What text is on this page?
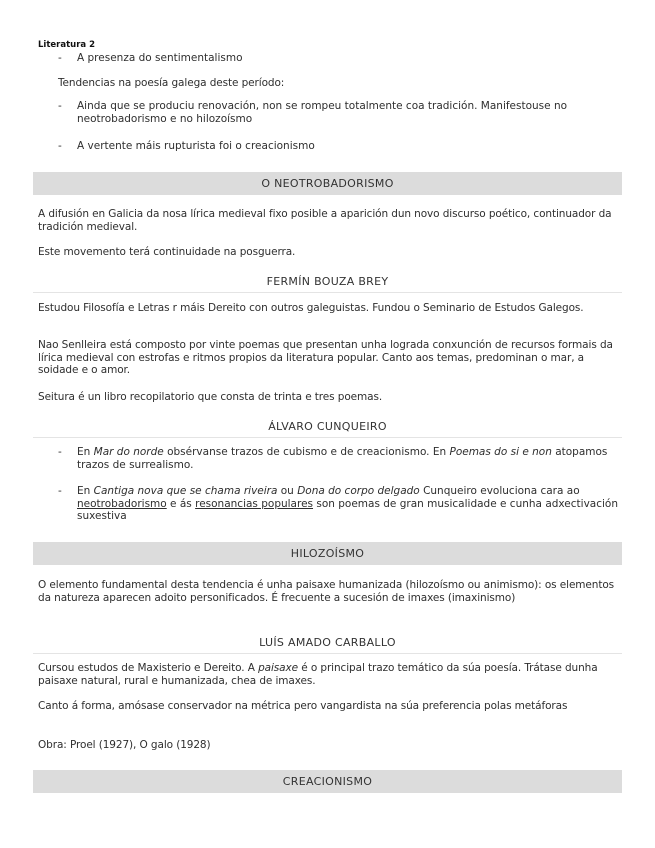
Literatura 2
- A presenza do sentimentalismo
Tendencias na poesía galega deste período:
- Ainda que se produciu renovación, non se rompeu totalmente coa tradición. Manifestouse no neotrobadorismo e no hilozoísmo
- A vertente máis rupturista foi o creacionismo
O NEOTROBADORISMO
A difusión en Galicia da nosa lírica medieval fixo posible a aparición dun novo discurso poético, continuador da tradición medieval.
Este movemento terá continuidade na posguerra.
FERMÍN BOUZA BREY
Estudou Filosofía e Letras r máis Dereito con outros galeguistas. Fundou o Seminario de Estudos Galegos.
Nao Senlleira está composto por vinte poemas que presentan unha lograda conxunción de recursos formais da lírica medieval con estrofas e ritmos propios da literatura popular. Canto aos temas, predominan o mar, a soidade e o amor.
Seitura é un libro recopilatorio que consta de trinta e tres poemas.
ÁLVARO CUNQUEIRO
- En Mar do norde obsérvanse trazos de cubismo e de creacionismo. En Poemas do si e non atopamos trazos de surrealismo.
- En Cantiga nova que se chama riveira ou Dona do corpo delgado Cunqueiro evoluciona cara ao neotrobadorismo e ás resonancias populares son poemas de gran musicalidade e cunha adxectivación suxestiva
HILOZOÍSMO
O elemento fundamental desta tendencia é unha paisaxe humanizada (hilozoísmo ou animismo): os elementos da natureza aparecen adoito personificados. É frecuente a sucesión de imaxes (imaxinismo)
LUÍS AMADO CARBALLO
Cursou estudos de Maxisterio e Dereito. A paisaxe é o principal trazo temático da súa poesía. Trátase dunha paisaxe natural, rural e humanizada, chea de imaxes.
Canto á forma, amósase conservador na métrica pero vangardista na súa preferencia polas metáforas
Obra: Proel (1927), O galo (1928)
CREACIONISMO
